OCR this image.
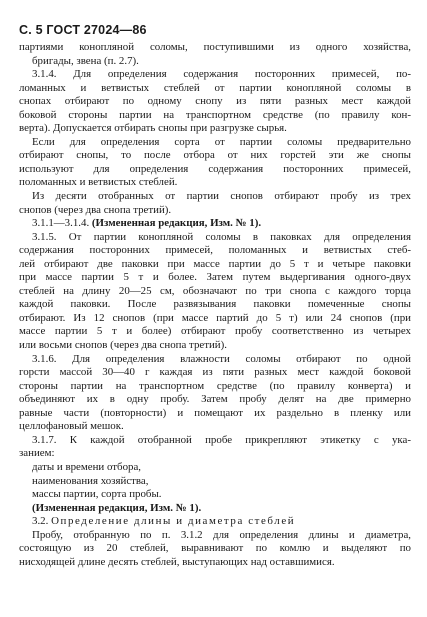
С. 5 ГОСТ 27024—86
партиями конопляной соломы, поступившими из одного хозяйства,
бригады, звена (п. 2.7).
3.1.4. Для определения содержания посторонних примесей, по-
ломанных и ветвистых стеблей от партии конопляной соломы в
снопах отбирают по одному снопу из пяти разных мест каждой
боковой стороны партии на транспортном средстве (по правилу кон-
верта). Допускается отбирать снопы при разгрузке сырья.
Если для определения сорта от партии соломы предварительно
отбирают снопы, то после отбора от них горстей эти же снопы
используют для определения содержания посторонних примесей,
поломанных и ветвистых стеблей.
Из десяти отобранных от партии снопов отбирают пробу из трех
снопов (через два снопа третий).
3.1.1—3.1.4. (Измененная редакция, Изм. № 1).
3.1.5. От партии конопляной соломы в паковках для определения
содержания посторонних примесей, поломанных и ветвистых стеб-
лей отбирают две паковки при массе партии до 5 т и четыре паковки
при массе партии 5 т и более. Затем путем выдергивания одного-двух
стеблей на длину 20—25 см, обозначают по три снопа с каждого торца
каждой паковки. После развязывания паковки помеченные снопы
отбирают. Из 12 снопов (при массе партий до 5 т) или 24 снопов (при
массе партии 5 т и более) отбирают пробу соответственно из четырех
или восьми снопов (через два снопа третий).
3.1.6. Для определения влажности соломы отбирают по одной
горсти массой 30—40 г каждая из пяти разных мест каждой боковой
стороны партии на транспортном средстве (по правилу конверта) и
объединяют их в одну пробу. Затем пробу делят на две примерно
равные части (повторности) и помещают их раздельно в пленку или
целлофановый мешок.
3.1.7. К каждой отобранной пробе прикрепляют этикетку с ука-
занием:
даты и времени отбора,
наименования хозяйства,
массы партии, сорта пробы.
(Измененная редакция, Изм. № 1).
3.2. Определение длины и диаметра стеблей
Пробу, отобранную по п. 3.1.2 для определения длины и диаметра,
состоящую из 20 стеблей, выравнивают по комлю и выделяют по
нисходящей длине десять стеблей, выступающих над оставшимися.
